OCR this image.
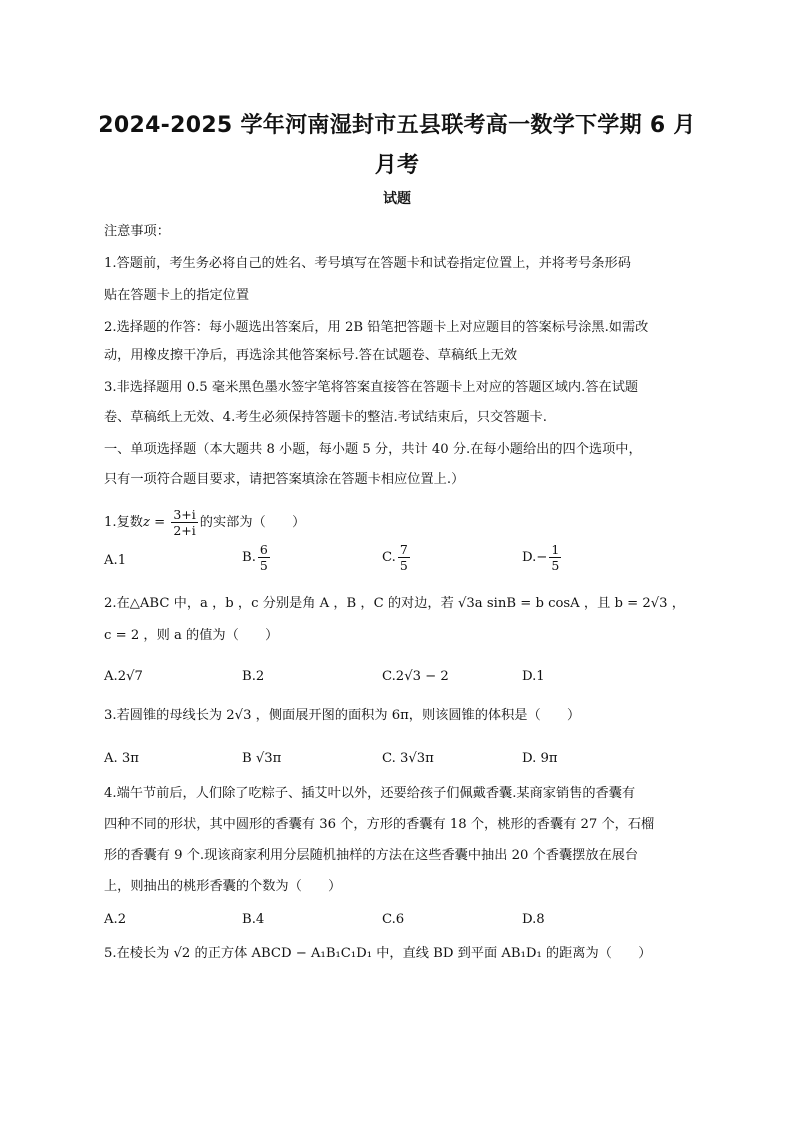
2024-2025 学年河南湿封市五县联考高一数学下学期 6 月月考
试题
注意事项：
1.答题前，考生务必将自己的姓名、考号填写在答题卡和试卷指定位置上，并将考号条形码
贴在答题卡上的指定位置
2.选择题的作答：每小题选出答案后，用 2B 铅笔把答题卡上对应题目的答案标号涂黑.如需改
动，用橡皮擦干净后，再选涂其他答案标号.答在试题卷、草稿纸上无效
3.非选择题用 0.5 毫米黑色墨水签字笔将答案直接答在答题卡上对应的答题区域内.答在试题
卷、草稿纸上无效、4.考生必须保持答题卡的整洁.考试结束后，只交答题卡.
一、单项选择题（本大题共 8 小题，每小题 5 分，共计 40 分.在每小题给出的四个选项中，
只有一项符合题目要求，请把答案填涂在答题卡相应位置上.）
1.复数$z = \frac{3+i}{2+i}$ 的实部为（　　）
A.1	B. $\frac{6}{5}$	C. $\frac{7}{5}$	$D.- \frac{1}{5}$
2.在△ABC 中，a ，b ，c 分别是角 A ，B ，C 的对边，若 √3a sinB = b cosA ，且 b = 2√3 ，
c = 2 ，则 a 的值为（　　）
A.2√7	B.2	C.2√3 − 2	D.1
3.若圆锥的母线长为 2√3 ，侧面展开图的面积为 6π，则该圆锥的体积是（　　）
A. 3π	B √3π	C. 3√3π	D. 9π
4.端午节前后，人们除了吃粽子、插艾叶以外，还要给孩子们佩戴香囊.某商家销售的香囊有
四种不同的形状，其中圆形的香囊有 36 个，方形的香囊有 18 个，桃形的香囊有 27 个，石榴
形的香囊有 9 个.现该商家利用分层随机抽样的方法在这些香囊中抽出 20 个香囊摆放在展台
上，则抽出的桃形香囊的个数为（　　）
A.2	B.4	C.6	D.8
5.在棱长为 √2 的正方体 ABCD − A₁B₁C₁D₁ 中，直线 BD 到平面 AB₁D₁ 的距离为（　　）
